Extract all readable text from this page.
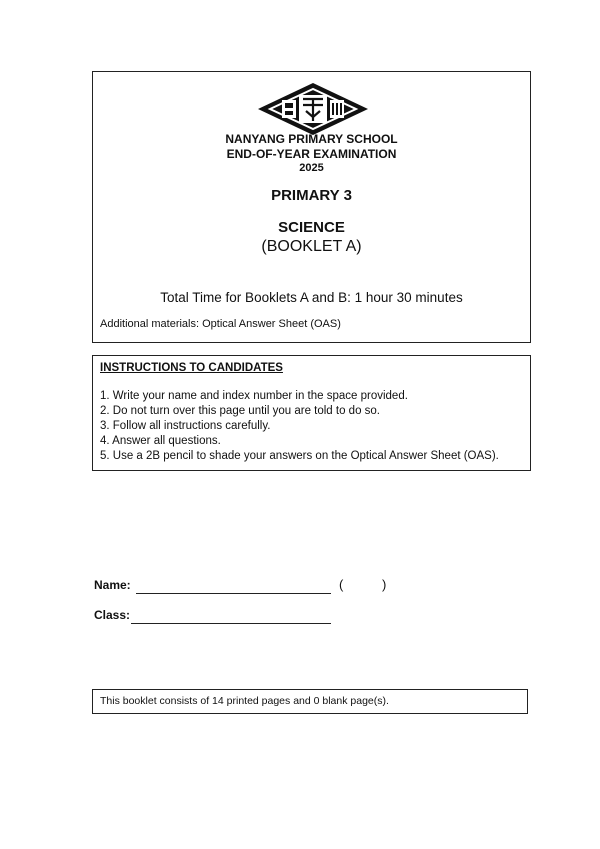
NANYANG PRIMARY SCHOOL
END-OF-YEAR EXAMINATION
2025
PRIMARY 3
SCIENCE
(BOOKLET A)
Total Time for Booklets A and B: 1 hour 30 minutes
Additional materials: Optical Answer Sheet (OAS)
INSTRUCTIONS TO CANDIDATES
1. Write your name and index number in the space provided.
2. Do not turn over this page until you are told to do so.
3. Follow all instructions carefully.
4. Answer all questions.
5. Use a 2B pencil to shade your answers on the Optical Answer Sheet (OAS).
Name:	(	)
Class:
This booklet consists of 14 printed pages and 0 blank page(s).
